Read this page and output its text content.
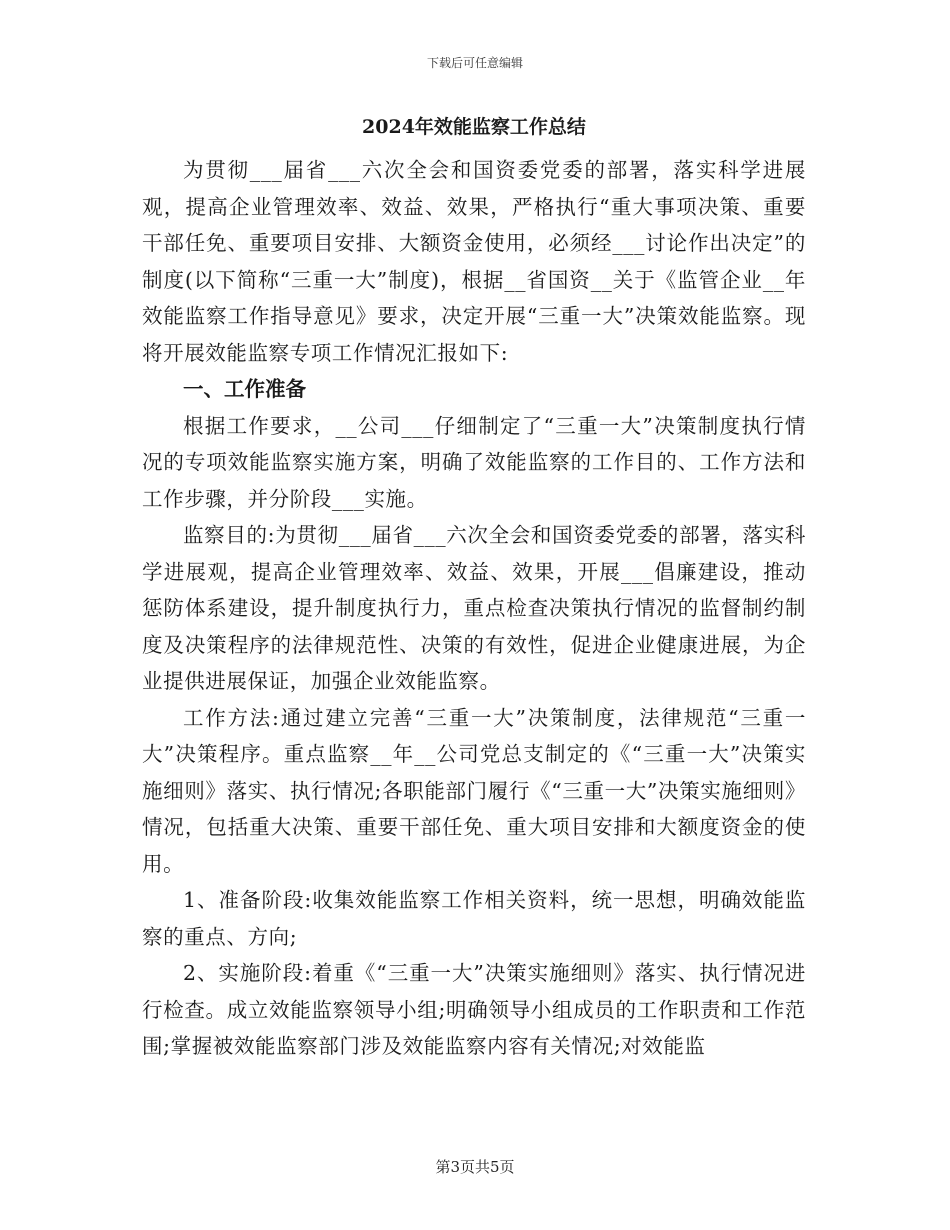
下载后可任意编辑
2024年效能监察工作总结

为贯彻___届省___六次全会和国资委党委的部署，落实科学进展观，提高企业管理效率、效益、效果，严格执行“重大事项决策、重要干部任免、重要项目安排、大额资金使用，必须经___讨论作出决定”的制度(以下简称“三重一大”制度)，根据__省国资__关于《监管企业__年效能监察工作指导意见》要求，决定开展“三重一大”决策效能监察。现将开展效能监察专项工作情况汇报如下:

一、工作准备

根据工作要求，__公司___仔细制定了“三重一大”决策制度执行情况的专项效能监察实施方案，明确了效能监察的工作目的、工作方法和工作步骤，并分阶段___实施。

监察目的:为贯彻___届省___六次全会和国资委党委的部署，落实科学进展观，提高企业管理效率、效益、效果，开展___倡廉建设，推动惩防体系建设，提升制度执行力，重点检查决策执行情况的监督制约制度及决策程序的法律规范性、决策的有效性，促进企业健康进展，为企业提供进展保证，加强企业效能监察。

工作方法:通过建立完善“三重一大”决策制度，法律规范“三重一大”决策程序。重点监察__年__公司党总支制定的《“三重一大”决策实施细则》落实、执行情况;各职能部门履行《“三重一大”决策实施细则》情况，包括重大决策、重要干部任免、重大项目安排和大额度资金的使用。

1、准备阶段:收集效能监察工作相关资料，统一思想，明确效能监察的重点、方向;

2、实施阶段:着重《“三重一大”决策实施细则》落实、执行情况进行检查。成立效能监察领导小组;明确领导小组成员的工作职责和工作范围;掌握被效能监察部门涉及效能监察内容有关情况;对效能监

第3页共5页
